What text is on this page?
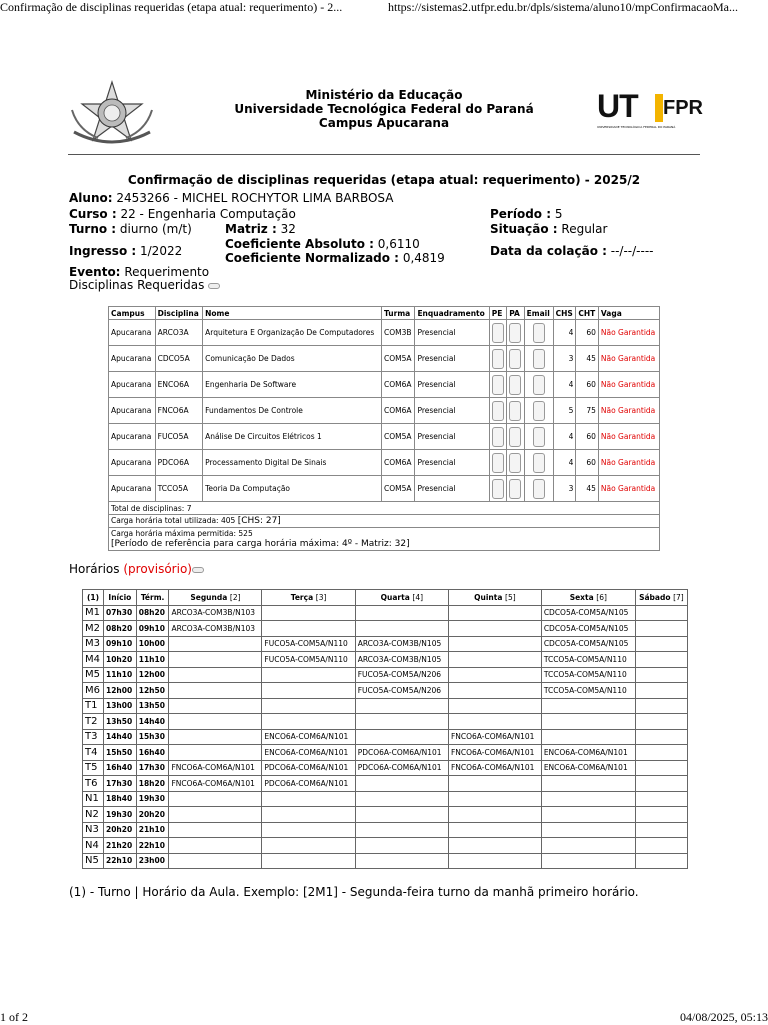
Confirmação de disciplinas requeridas (etapa atual: requerimento) - 2...	https://sistemas2.utfpr.edu.br/dpls/sistema/aluno10/mpConfirmacaoMa...
Ministério da Educação
Universidade Tecnológica Federal do Paraná
Campus Apucarana	UT FPR
UNIVERSIDADE TECNOLÓGICA FEDERAL DO PARANÁ
Confirmação de disciplinas requeridas (etapa atual: requerimento) - 2025/2
Aluno: 2453266 - MICHEL ROCHYTOR LIMA BARBOSA
Curso : 22 - Engenharia Computação	Período : 5
Turno : diurno (m/t)	Matriz : 32	Situação : Regular
Ingresso : 1/2022	Coeficiente Absoluto : 0,6110
Coeficiente Normalizado : 0,4819	Data da colação : --/--/----
Evento: Requerimento
Disciplinas Requeridas
Campus	Disciplina	Nome	Turma	Enquadramento	PE	PA	Email	CHS	CHT	Vaga
Apucarana	ARCO3A	Arquitetura E Organização De Computadores	COM3B	Presencial				4	60	Não Garantida
Apucarana	CDCO5A	Comunicação De Dados	COM5A	Presencial				3	45	Não Garantida
Apucarana	ENCO6A	Engenharia De Software	COM6A	Presencial				4	60	Não Garantida
Apucarana	FNCO6A	Fundamentos De Controle	COM6A	Presencial				5	75	Não Garantida
Apucarana	FUCO5A	Análise De Circuitos Elétricos 1	COM5A	Presencial				4	60	Não Garantida
Apucarana	PDCO6A	Processamento Digital De Sinais	COM6A	Presencial				4	60	Não Garantida
Apucarana	TCCO5A	Teoria Da Computação	COM5A	Presencial				3	45	Não Garantida
Total de disciplinas: 7										
Carga horária total utilizada: 405 [CHS: 27]										
Carga horária máxima permitida: 525
[Período de referência para carga horária máxima: 4º - Matriz: 32]										
Horários (provisório)
(1)	Início	Térm.	Segunda [2]	Terça [3]	Quarta [4]	Quinta [5]	Sexta [6]	Sábado [7]
M1	07h30	08h20	ARCO3A-COM3B/N103				CDCO5A-COM5A/N105	
M2	08h20	09h10	ARCO3A-COM3B/N103				CDCO5A-COM5A/N105	
M3	09h10	10h00		FUCO5A-COM5A/N110	ARCO3A-COM3B/N105		CDCO5A-COM5A/N105	
M4	10h20	11h10		FUCO5A-COM5A/N110	ARCO3A-COM3B/N105		TCCO5A-COM5A/N110	
M5	11h10	12h00			FUCO5A-COM5A/N206		TCCO5A-COM5A/N110	
M6	12h00	12h50			FUCO5A-COM5A/N206		TCCO5A-COM5A/N110	
T1	13h00	13h50						
T2	13h50	14h40						
T3	14h40	15h30		ENCO6A-COM6A/N101		FNCO6A-COM6A/N101		
T4	15h50	16h40		ENCO6A-COM6A/N101	PDCO6A-COM6A/N101	FNCO6A-COM6A/N101	ENCO6A-COM6A/N101	
T5	16h40	17h30	FNCO6A-COM6A/N101	PDCO6A-COM6A/N101	PDCO6A-COM6A/N101	FNCO6A-COM6A/N101	ENCO6A-COM6A/N101	
T6	17h30	18h20	FNCO6A-COM6A/N101	PDCO6A-COM6A/N101				
N1	18h40	19h30						
N2	19h30	20h20						
N3	20h20	21h10						
N4	21h20	22h10						
N5	22h10	23h00						
(1) - Turno | Horário da Aula. Exemplo: [2M1] - Segunda-feira turno da manhã primeiro horário.
1 of 2	04/08/2025, 05:13
